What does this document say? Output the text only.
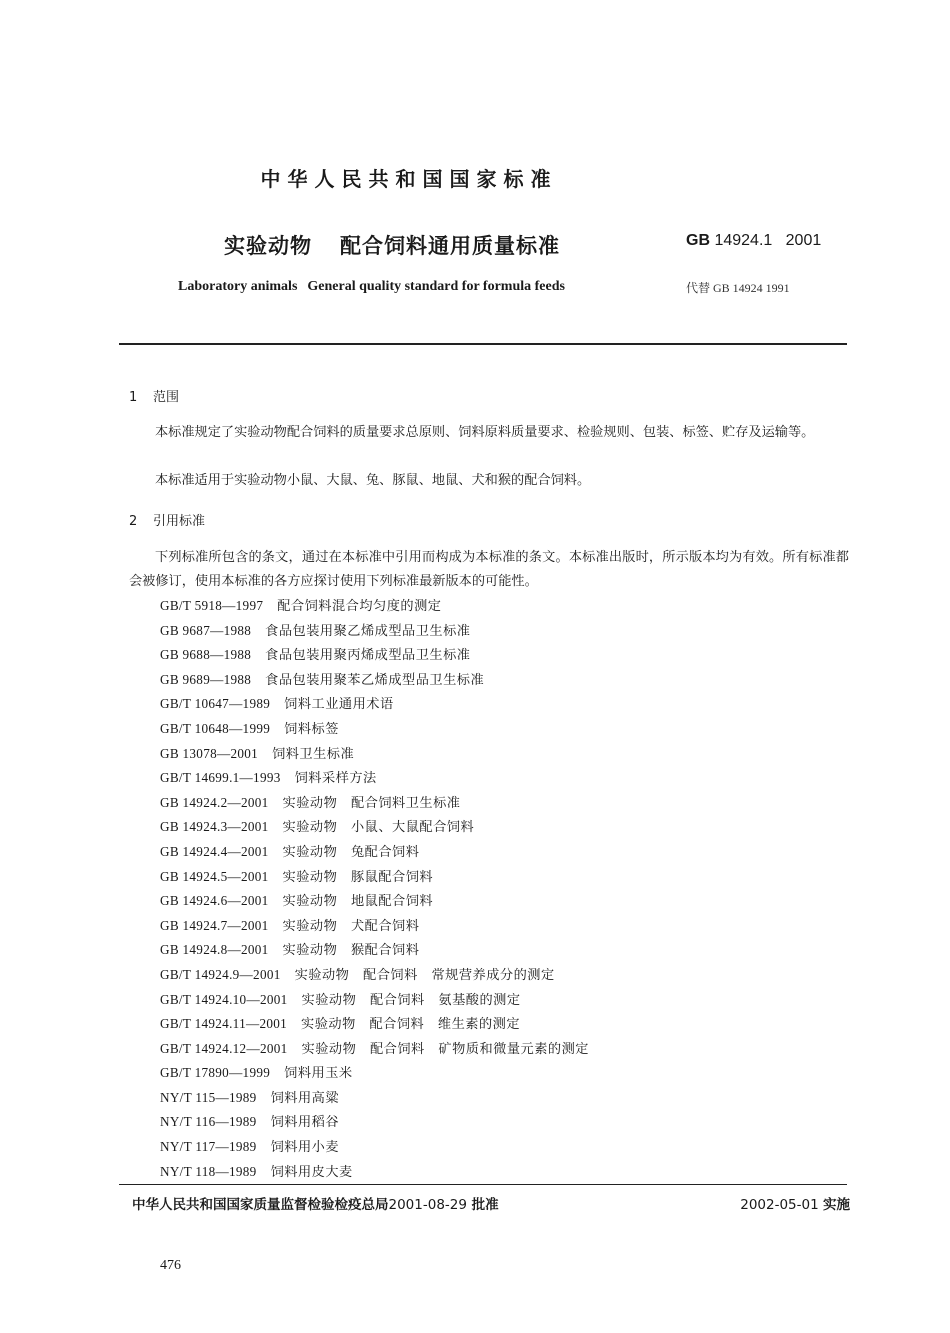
中华人民共和国国家标准
实验动物 配合饲料通用质量标准	GB 14924.1 2001
Laboratory animals General quality standard for formula feeds	代替 GB 14924 1991
1 范围
本标准规定了实验动物配合饲料的质量要求总原则、饲料原料质量要求、检验规则、包装、标签、贮存及运输等。
本标准适用于实验动物小鼠、大鼠、兔、豚鼠、地鼠、犬和猴的配合饲料。
2 引用标准
下列标准所包含的条文，通过在本标准中引用而构成为本标准的条文。本标准出版时，所示版本均为有效。所有标准都会被修订，使用本标准的各方应探讨使用下列标准最新版本的可能性。
GB/T 5918—1997 配合饲料混合均匀度的测定
GB 9687—1988 食品包装用聚乙烯成型品卫生标准
GB 9688—1988 食品包装用聚丙烯成型品卫生标准
GB 9689—1988 食品包装用聚苯乙烯成型品卫生标准
GB/T 10647—1989 饲料工业通用术语
GB/T 10648—1999 饲料标签
GB 13078—2001 饲料卫生标准
GB/T 14699.1—1993 饲料采样方法
GB 14924.2—2001 实验动物　配合饲料卫生标准
GB 14924.3—2001 实验动物　小鼠、大鼠配合饲料
GB 14924.4—2001 实验动物　兔配合饲料
GB 14924.5—2001 实验动物　豚鼠配合饲料
GB 14924.6—2001 实验动物　地鼠配合饲料
GB 14924.7—2001 实验动物　犬配合饲料
GB 14924.8—2001 实验动物　猴配合饲料
GB/T 14924.9—2001 实验动物　配合饲料　常规营养成分的测定
GB/T 14924.10—2001 实验动物　配合饲料　氨基酸的测定
GB/T 14924.11—2001 实验动物　配合饲料　维生素的测定
GB/T 14924.12—2001 实验动物　配合饲料　矿物质和微量元素的测定
GB/T 17890—1999 饲料用玉米
NY/T 115—1989 饲料用高粱
NY/T 116—1989 饲料用稻谷
NY/T 117—1989 饲料用小麦
NY/T 118—1989 饲料用皮大麦
中华人民共和国国家质量监督检验检疫总局2001-08-29 批准	2002-05-01 实施
476
